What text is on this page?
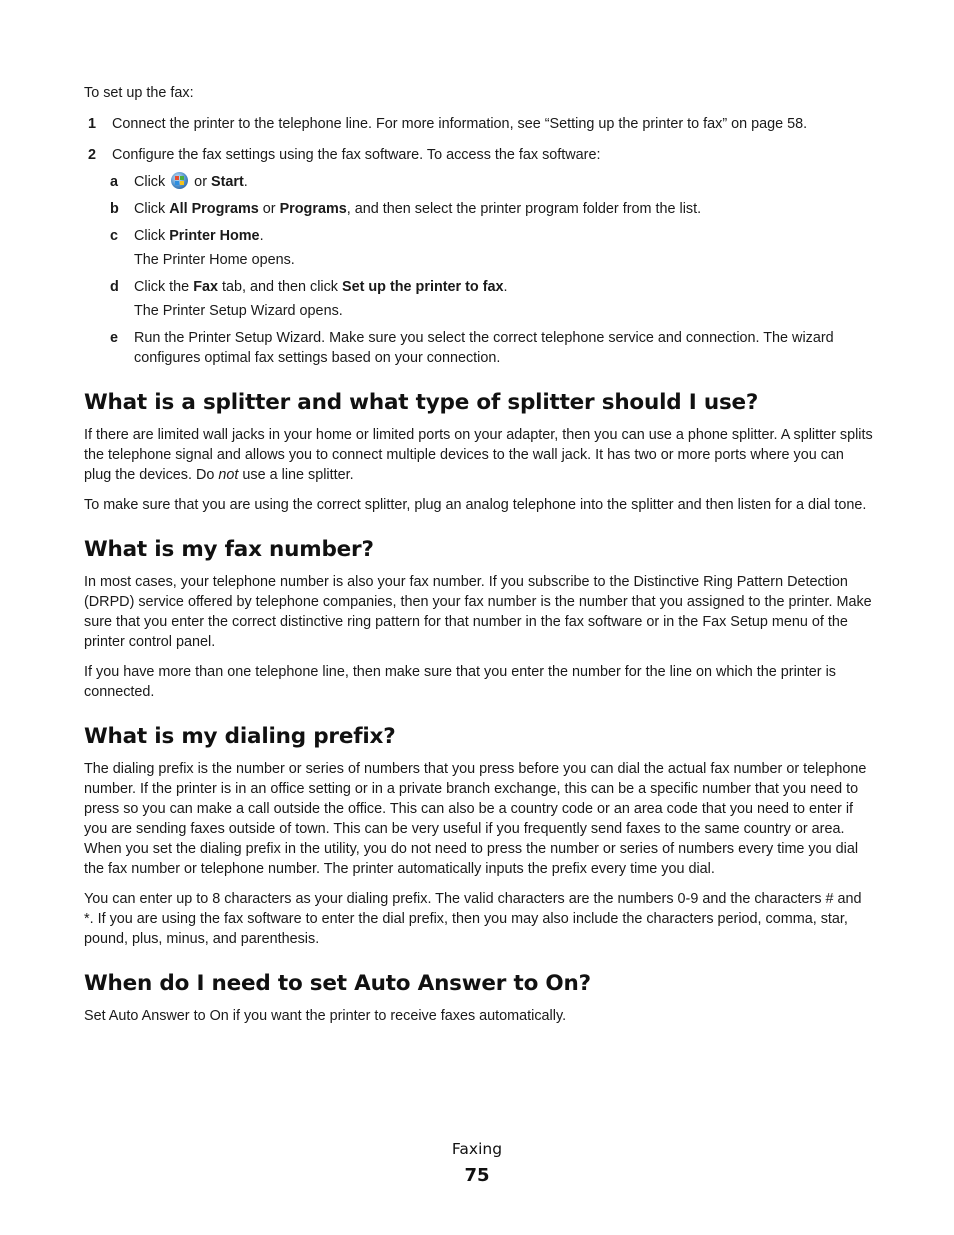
To set up the fax:

1	Connect the printer to the telephone line. For more information, see “Setting up the printer to fax” on page 58.
2	Configure the fax settings using the fax software. To access the fax software:
a	Click
or Start.
b	Click All Programs or Programs, and then select the printer program folder from the list.
c	Click Printer Home.
The Printer Home opens.
d	Click the Fax tab, and then click Set up the printer to fax.
The Printer Setup Wizard opens.
e	Run the Printer Setup Wizard. Make sure you select the correct telephone service and connection. The wizard configures optimal fax settings based on your connection.
What is a splitter and what type of splitter should I use?

If there are limited wall jacks in your home or limited ports on your adapter, then you can use a phone splitter. A splitter splits the telephone signal and allows you to connect multiple devices to the wall jack. It has two or more ports where you can plug the devices. Do not use a line splitter.

To make sure that you are using the correct splitter, plug an analog telephone into the splitter and then listen for a dial tone.

What is my fax number?

In most cases, your telephone number is also your fax number. If you subscribe to the Distinctive Ring Pattern Detection (DRPD) service offered by telephone companies, then your fax number is the number that you assigned to the printer. Make sure that you enter the correct distinctive ring pattern for that number in the fax software or in the Fax Setup menu of the printer control panel.

If you have more than one telephone line, then make sure that you enter the number for the line on which the printer is connected.

What is my dialing prefix?

The dialing prefix is the number or series of numbers that you press before you can dial the actual fax number or telephone number. If the printer is in an office setting or in a private branch exchange, this can be a specific number that you need to press so you can make a call outside the office. This can also be a country code or an area code that you need to enter if you are sending faxes outside of town. This can be very useful if you frequently send faxes to the same country or area. When you set the dialing prefix in the utility, you do not need to press the number or series of numbers every time you dial the fax number or telephone number. The printer automatically inputs the prefix every time you dial.

You can enter up to 8 characters as your dialing prefix. The valid characters are the numbers 0-9 and the characters # and *. If you are using the fax software to enter the dial prefix, then you may also include the characters period, comma, star, pound, plus, minus, and parenthesis.

When do I need to set Auto Answer to On?

Set Auto Answer to On if you want the printer to receive faxes automatically.

Faxing
75
